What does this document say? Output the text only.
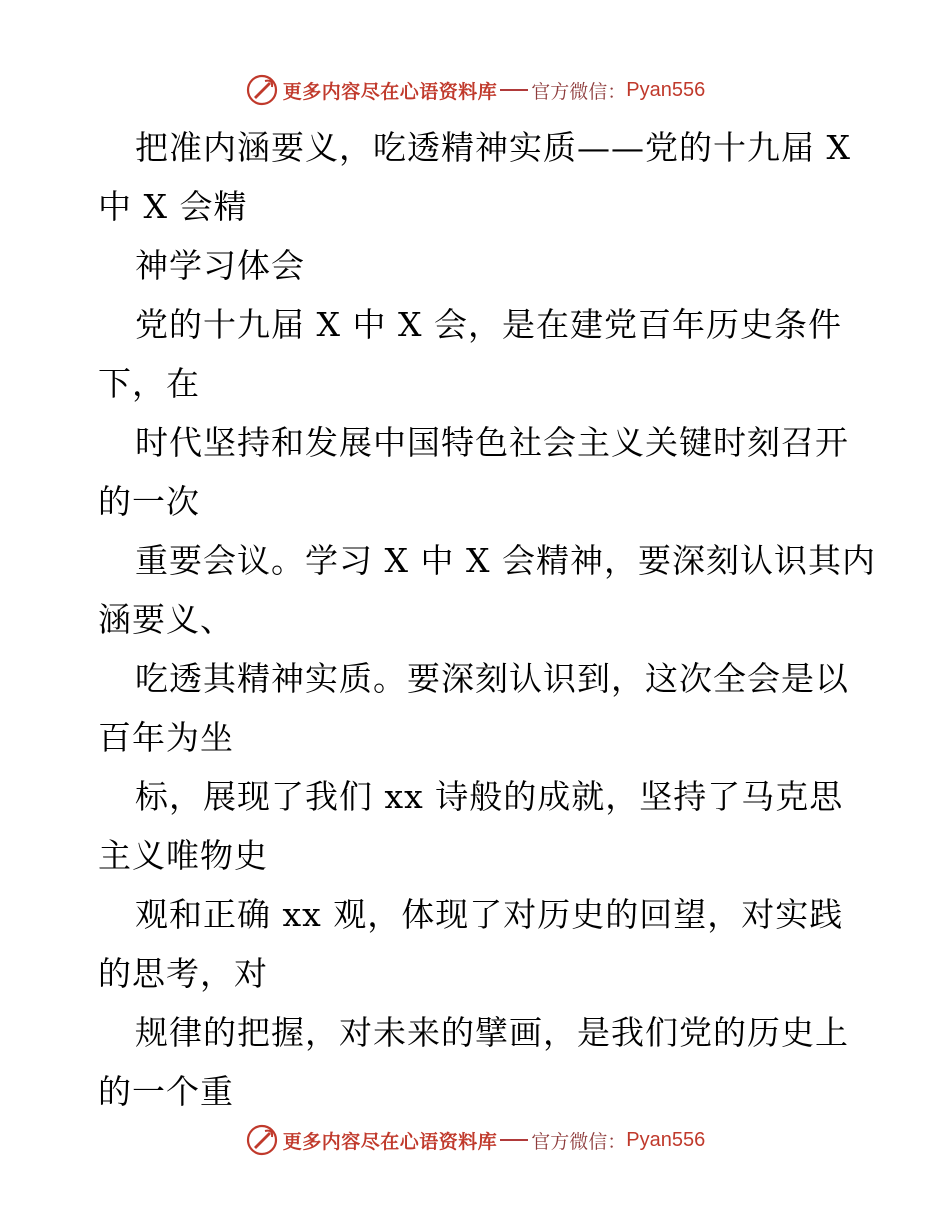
更多内容尽在心语资料库 官方微信： Pyan556
把准内涵要义，吃透精神实质——党的十九届 X
中 X 会精
神学习体会
党的十九届 X 中 X 会，是在建党百年历史条件
下，在
时代坚持和发展中国特色社会主义关键时刻召开
的一次
重要会议。学习 X 中 X 会精神，要深刻认识其内
涵要义、
吃透其精神实质。要深刻认识到，这次全会是以
百年为坐
标，展现了我们 xx 诗般的成就，坚持了马克思
主义唯物史
观和正确 xx 观，体现了对历史的回望，对实践
的思考，对
规律的把握，对未来的擘画，是我们党的历史上
的一个重
更多内容尽在心语资料库 官方微信： Pyan556
